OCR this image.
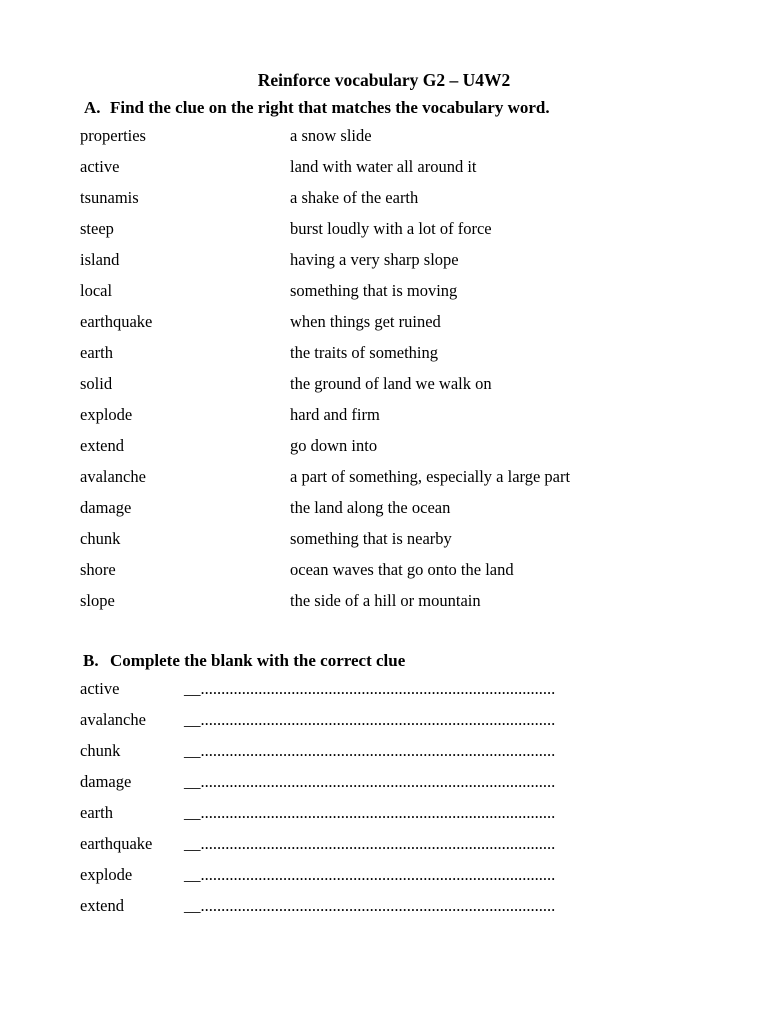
Reinforce vocabulary G2 – U4W2
A. Find the clue on the right that matches the vocabulary word.
properties	a snow slide
active	land with water all around it
tsunamis	a shake of the earth
steep	burst loudly with a lot of force
island	having a very sharp slope
local	something that is moving
earthquake	when things get ruined
earth	the traits of something
solid	the ground of land we walk on
explode	hard and firm
extend	go down into
avalanche	a part of something, especially a large part
damage	the land along the ocean
chunk	something that is nearby
shore	ocean waves that go onto the land
slope	the side of a hill or mountain
B. Complete the blank with the correct clue
active	__......................................................................................
avalanche __......................................................................................
chunk	__......................................................................................
damage	__......................................................................................
earth	__......................................................................................
earthquake __......................................................................................
explode	__......................................................................................
extend	__......................................................................................
